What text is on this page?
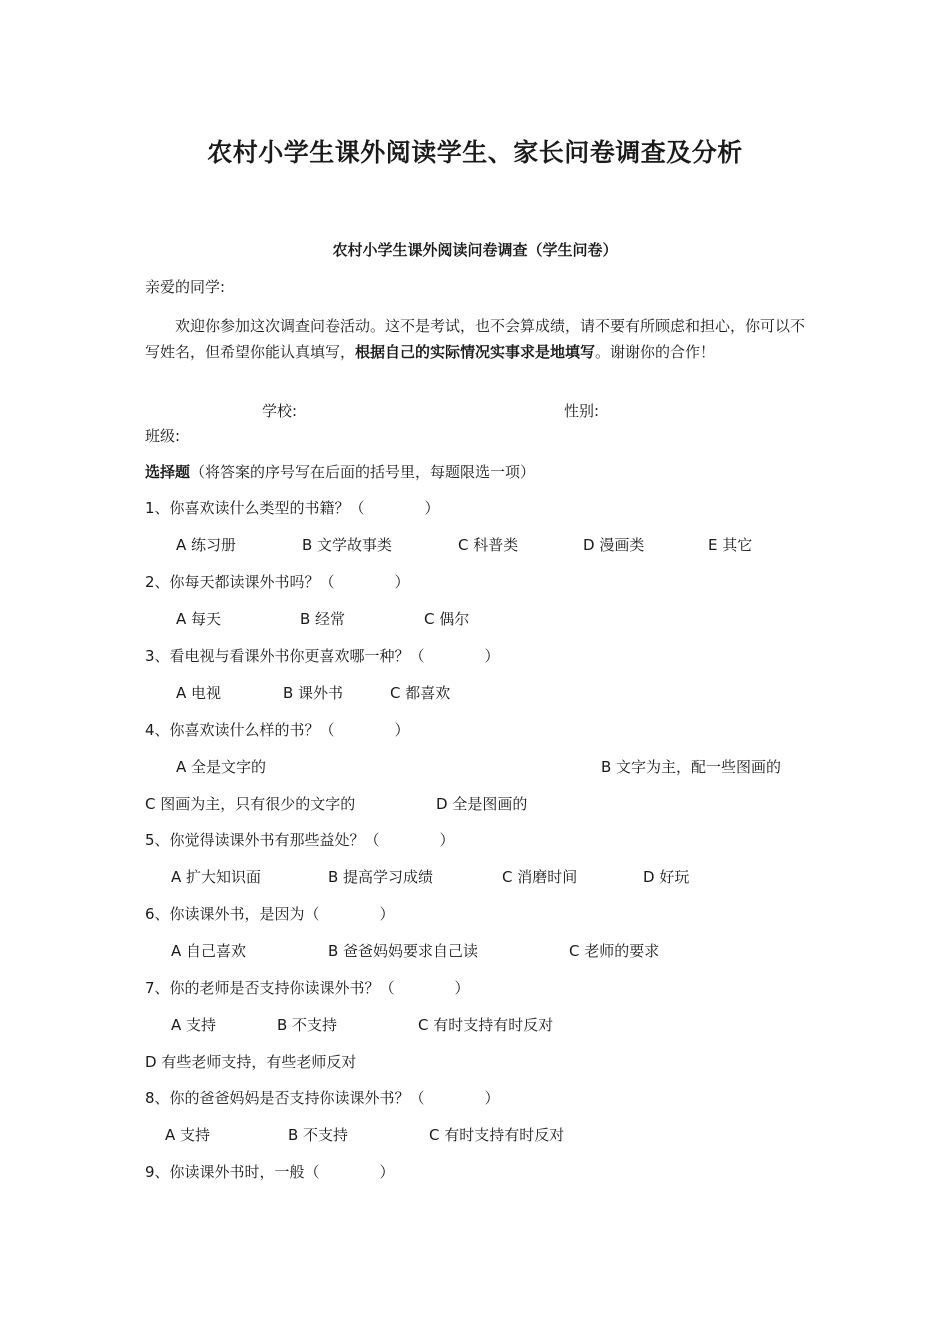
农村小学生课外阅读学生、家长问卷调查及分析
农村小学生课外阅读问卷调查（学生问卷）
亲爱的同学:
欢迎你参加这次调查问卷活动。这不是考试，也不会算成绩，请不要有所顾虑和担心，你可以不写姓名，但希望你能认真填写，根据自己的实际情况实事求是地填写。谢谢你的合作！
学校:	性别:
班级:
选择题（将答案的序号写在后面的括号里，每题限选一项）
1、你喜欢读什么类型的书籍？（　　　　）
A 练习册	B 文学故事类	C 科普类	D 漫画类	E 其它
2、你每天都读课外书吗？（　　　　）
A 每天	B 经常	C 偶尔
3、看电视与看课外书你更喜欢哪一种？（　　　　）
A 电视	B 课外书	C 都喜欢
4、你喜欢读什么样的书？（　　　　）
A 全是文字的	B 文字为主，配一些图画的
C 图画为主，只有很少的文字的	D 全是图画的
5、你觉得读课外书有那些益处？（　　　　）
A 扩大知识面	B 提高学习成绩	C 消磨时间	D 好玩
6、你读课外书，是因为（　　　　）
A 自己喜欢	B 爸爸妈妈要求自己读	C 老师的要求
7、你的老师是否支持你读课外书？（　　　　）
A 支持	B 不支持	C 有时支持有时反对
D 有些老师支持，有些老师反对
8、你的爸爸妈妈是否支持你读课外书？（　　　　）
A 支持	B 不支持	C 有时支持有时反对
9、你读课外书时，一般（　　　　）
